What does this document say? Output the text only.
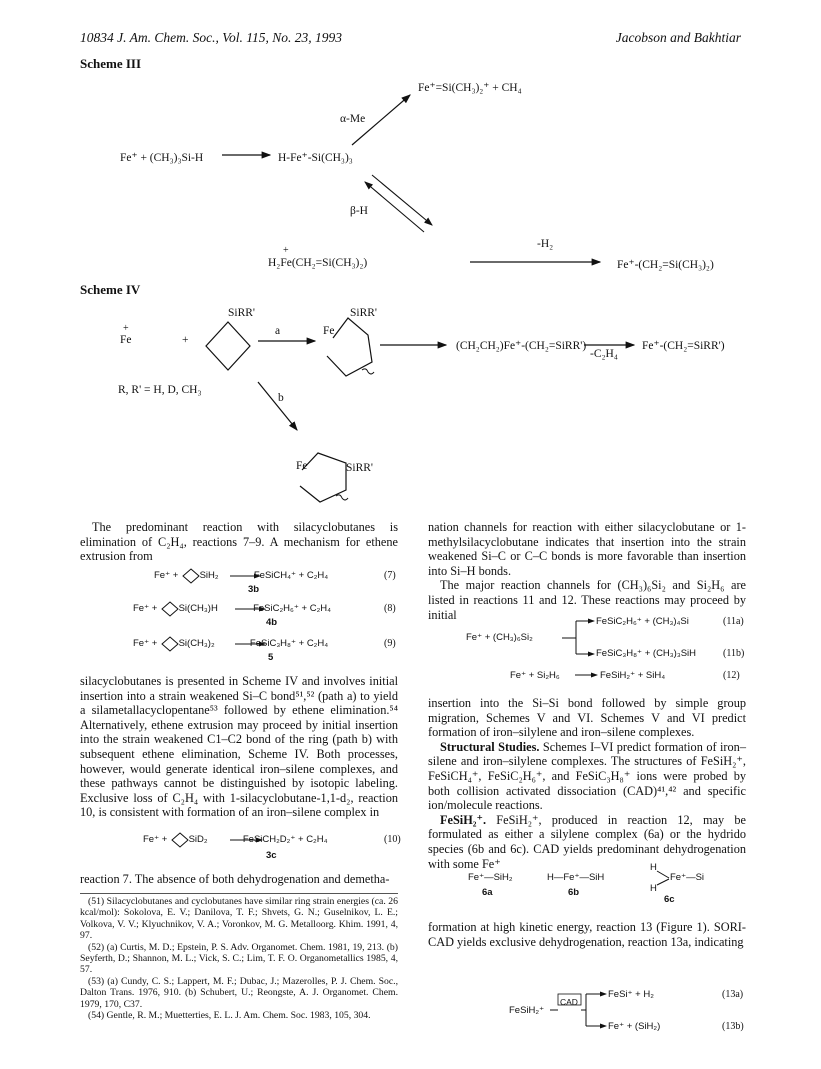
10834 J. Am. Chem. Soc., Vol. 115, No. 23, 1993	Jacobson and Bakhtiar
Scheme III
Fe⁺=Si(CH₃)₂⁺ + CH₄
Fe⁺ + (CH₃)₃Si-H	H-Fe⁺-Si(CH₃)₃
α-Me
β-H
H₂Fe(CH₂=Si(CH₃)₂)
+
-H₂
Fe⁺-(CH₂=Si(CH₃)₂)
Scheme IV
+
Fe	+
SiRR'
a
SiRR'
Fe
(CH₂CH₂)Fe⁺-(CH₂=SiRR')
-C₂H₄
Fe⁺-(CH₂=SiRR')
R, R' = H, D, CH₃
b
Fe	SiRR'

The predominant reaction with silacyclobutanes is elimination of C₂H₄, reactions 7–9. A mechanism for ethene extrusion from

Fe⁺ + SiH₂	FeSiCH₄⁺ + C₂H₄	(7)
3b
Fe⁺ + Si(CH₃)H	FeSiC₂H₆⁺ + C₂H₄	(8)
4b
Fe⁺ + Si(CH₃)₂	FeSiC₃H₈⁺ + C₂H₄	(9)
5

silacyclobutanes is presented in Scheme IV and involves initial insertion into a strain weakened Si–C bond⁵¹,⁵² (path a) to yield a silametallacyclopentane⁵³ followed by ethene elimination.⁵⁴ Alternatively, ethene extrusion may proceed by initial insertion into the strain weakened C1–C2 bond of the ring (path b) with subsequent ethene elimination, Scheme IV. Both processes, however, would generate identical iron–silene complexes, and these pathways cannot be distinguished by isotopic labeling. Exclusive loss of C₂H₄ with 1-silacyclobutane-1,1-d₂, reaction 10, is consistent with formation of an iron–silene complex in

Fe⁺ + SiD₂	FeSiCH₂D₂⁺ + C₂H₄	(10)
3c

reaction 7. The absence of both dehydrogenation and demetha-

(51) Silacyclobutanes and cyclobutanes have similar ring strain energies (ca. 26 kcal/mol): Sokolova, E. V.; Danilova, T. F.; Shvets, G. N.; Guselnikov, L. E.; Volkova, V. V.; Klyuchnikov, V. A.; Voronkov, M. G. Metalloorg. Khim. 1991, 4, 97.

(52) (a) Curtis, M. D.; Epstein, P. S. Adv. Organomet. Chem. 1981, 19, 213. (b) Seyferth, D.; Shannon, M. L.; Vick, S. C.; Lim, T. F. O. Organometallics 1985, 4, 57.

(53) (a) Cundy, C. S.; Lappert, M. F.; Dubac, J.; Mazerolles, P. J. Chem. Soc., Dalton Trans. 1976, 910. (b) Schubert, U.; Reongste, A. J. Organomet. Chem. 1979, 170, C37.

(54) Gentle, R. M.; Muetterties, E. L. J. Am. Chem. Soc. 1983, 105, 304.

nation channels for reaction with either silacyclobutane or 1-methylsilacyclobutane indicates that insertion into the strain weakened Si–C or C–C bonds is more favorable than insertion into Si–H bonds.

The major reaction channels for (CH₃)₆Si₂ and Si₂H₆ are listed in reactions 11 and 12. These reactions may proceed by initial

Fe⁺ + (CH₃)₆Si₂
FeSiC₂H₆⁺ + (CH₃)₄Si	(11a)
FeSiC₃H₈⁺ + (CH₃)₃SiH	(11b)
Fe⁺ + Si₂H₆	FeSiH₂⁺ + SiH₄	(12)

insertion into the Si–Si bond followed by simple group migration, Schemes V and VI. Schemes V and VI predict formation of iron–silylene and iron–silene complexes.

Structural Studies. Schemes I–VI predict formation of iron–silene and iron–silylene complexes. The structures of FeSiH₂⁺, FeSiCH₄⁺, FeSiC₂H₆⁺, and FeSiC₃H₈⁺ ions were probed by both collision activated dissociation (CAD)⁴¹,⁴² and specific ion/molecule reactions.

FeSiH₂⁺. FeSiH₂⁺, produced in reaction 12, may be formulated as either a silylene complex (6a) or the hydrido species (6b and 6c). CAD yields predominant dehydrogenation with some Fe⁺

Fe⁺—SiH₂
6a
H—Fe⁺—SiH
6b
H
H
Fe⁺—Si
6c

formation at high kinetic energy, reaction 13 (Figure 1). SORI-CAD yields exclusive dehydrogenation, reaction 13a, indicating

FeSiH₂⁺
CAD
FeSi⁺ + H₂	(13a)
Fe⁺ + (SiH₂)	(13b)
